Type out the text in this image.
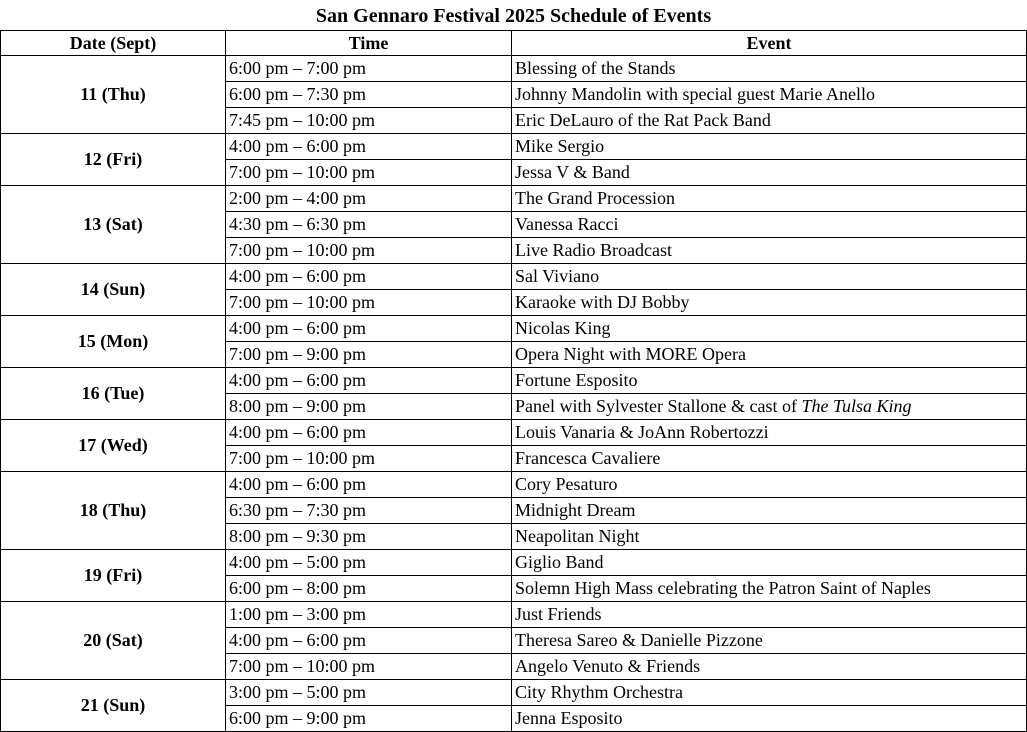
San Gennaro Festival 2025 Schedule of Events
Date (Sept)	Time	Event
11 (Thu)	6:00 pm – 7:00 pm	Blessing of the Stands
	6:00 pm – 7:30 pm	Johnny Mandolin with special guest Marie Anello
	7:45 pm – 10:00 pm	Eric DeLauro of the Rat Pack Band
12 (Fri)	4:00 pm – 6:00 pm	Mike Sergio
	7:00 pm – 10:00 pm	Jessa V & Band
13 (Sat)	2:00 pm – 4:00 pm	The Grand Procession
	4:30 pm – 6:30 pm	Vanessa Racci
	7:00 pm – 10:00 pm	Live Radio Broadcast
14 (Sun)	4:00 pm – 6:00 pm	Sal Viviano
	7:00 pm – 10:00 pm	Karaoke with DJ Bobby
15 (Mon)	4:00 pm – 6:00 pm	Nicolas King
	7:00 pm – 9:00 pm	Opera Night with MORE Opera
16 (Tue)	4:00 pm – 6:00 pm	Fortune Esposito
	8:00 pm – 9:00 pm	Panel with Sylvester Stallone & cast of The Tulsa King
17 (Wed)	4:00 pm – 6:00 pm	Louis Vanaria & JoAnn Robertozzi
	7:00 pm – 10:00 pm	Francesca Cavaliere
18 (Thu)	4:00 pm – 6:00 pm	Cory Pesaturo
	6:30 pm – 7:30 pm	Midnight Dream
	8:00 pm – 9:30 pm	Neapolitan Night
19 (Fri)	4:00 pm – 5:00 pm	Giglio Band
	6:00 pm – 8:00 pm	Solemn High Mass celebrating the Patron Saint of Naples
20 (Sat)	1:00 pm – 3:00 pm	Just Friends
	4:00 pm – 6:00 pm	Theresa Sareo & Danielle Pizzone
	7:00 pm – 10:00 pm	Angelo Venuto & Friends
21 (Sun)	3:00 pm – 5:00 pm	City Rhythm Orchestra
	6:00 pm – 9:00 pm	Jenna Esposito
